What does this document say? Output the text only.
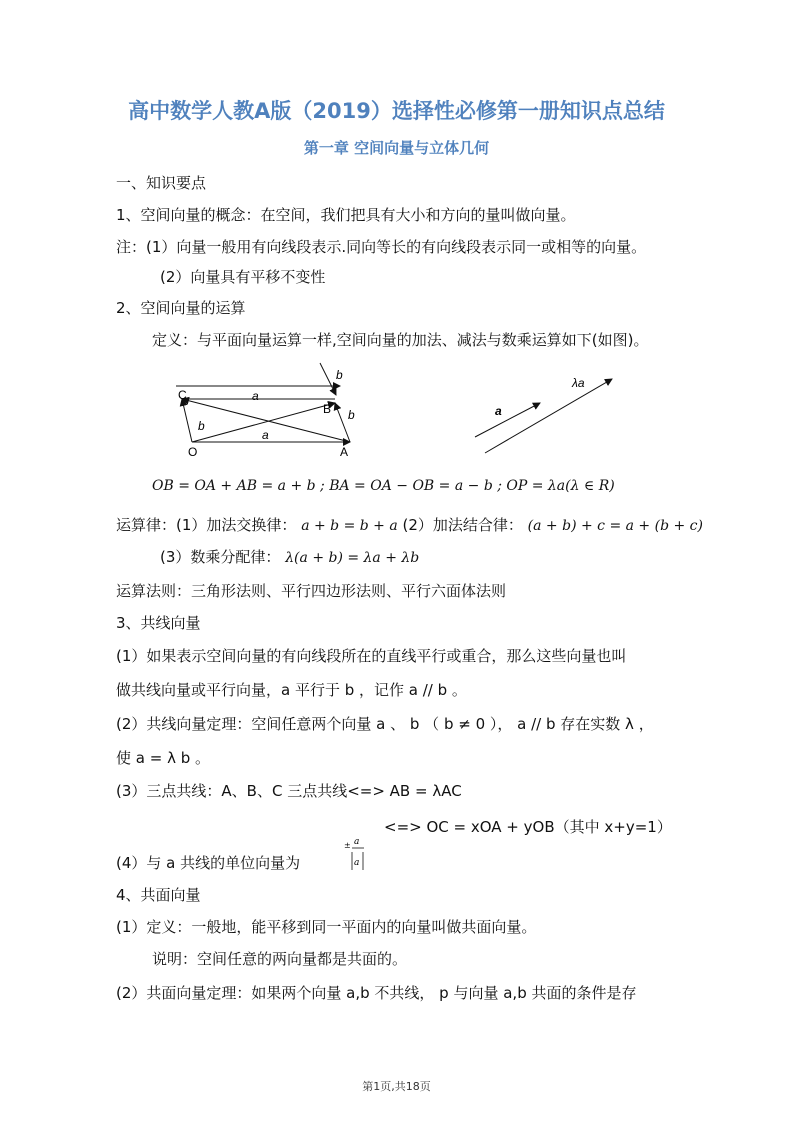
高中数学人教A版（2019）选择性必修第一册知识点总结
第一章 空间向量与立体几何

一、知识要点

1、空间向量的概念：在空间，我们把具有大小和方向的量叫做向量。

注：(1）向量一般用有向线段表示.同向等长的有向线段表示同一或相等的向量。

(2）向量具有平移不变性

2、空间向量的运算

定义：与平面向量运算一样,空间向量的加法、减法与数乘运算如下(如图)。

C
O	A
B
a
a
b
b
b	a
λa

OB = OA + AB = a + b ; BA = OA − OB = a − b ; OP = λa(λ ∈ R)

运算律：(1）加法交换律： a + b = b + a (2）加法结合律： (a + b) + c = a + (b + c)

(3）数乘分配律： λ(a + b) = λa + λb

运算法则：三角形法则、平行四边形法则、平行六面体法则

3、共线向量

(1）如果表示空间向量的有向线段所在的直线平行或重合，那么这些向量也叫

做共线向量或平行向量，a 平行于 b ，记作 a // b 。

(2）共线向量定理：空间任意两个向量 a 、 b （ b ≠ 0 ）， a // b 存在实数 λ ，

使 a = λ b 。

(3）三点共线：A、B、C 三点共线<=> AB = λAC

<=> OC = xOA + yOB（其中 x+y=1）

(4）与 a 共线的单位向量为

± a
a

4、共面向量

(1）定义：一般地，能平移到同一平面内的向量叫做共面向量。

说明：空间任意的两向量都是共面的。

(2）共面向量定理：如果两个向量 a,b 不共线， p 与向量 a,b 共面的条件是存

第1页,共18页
